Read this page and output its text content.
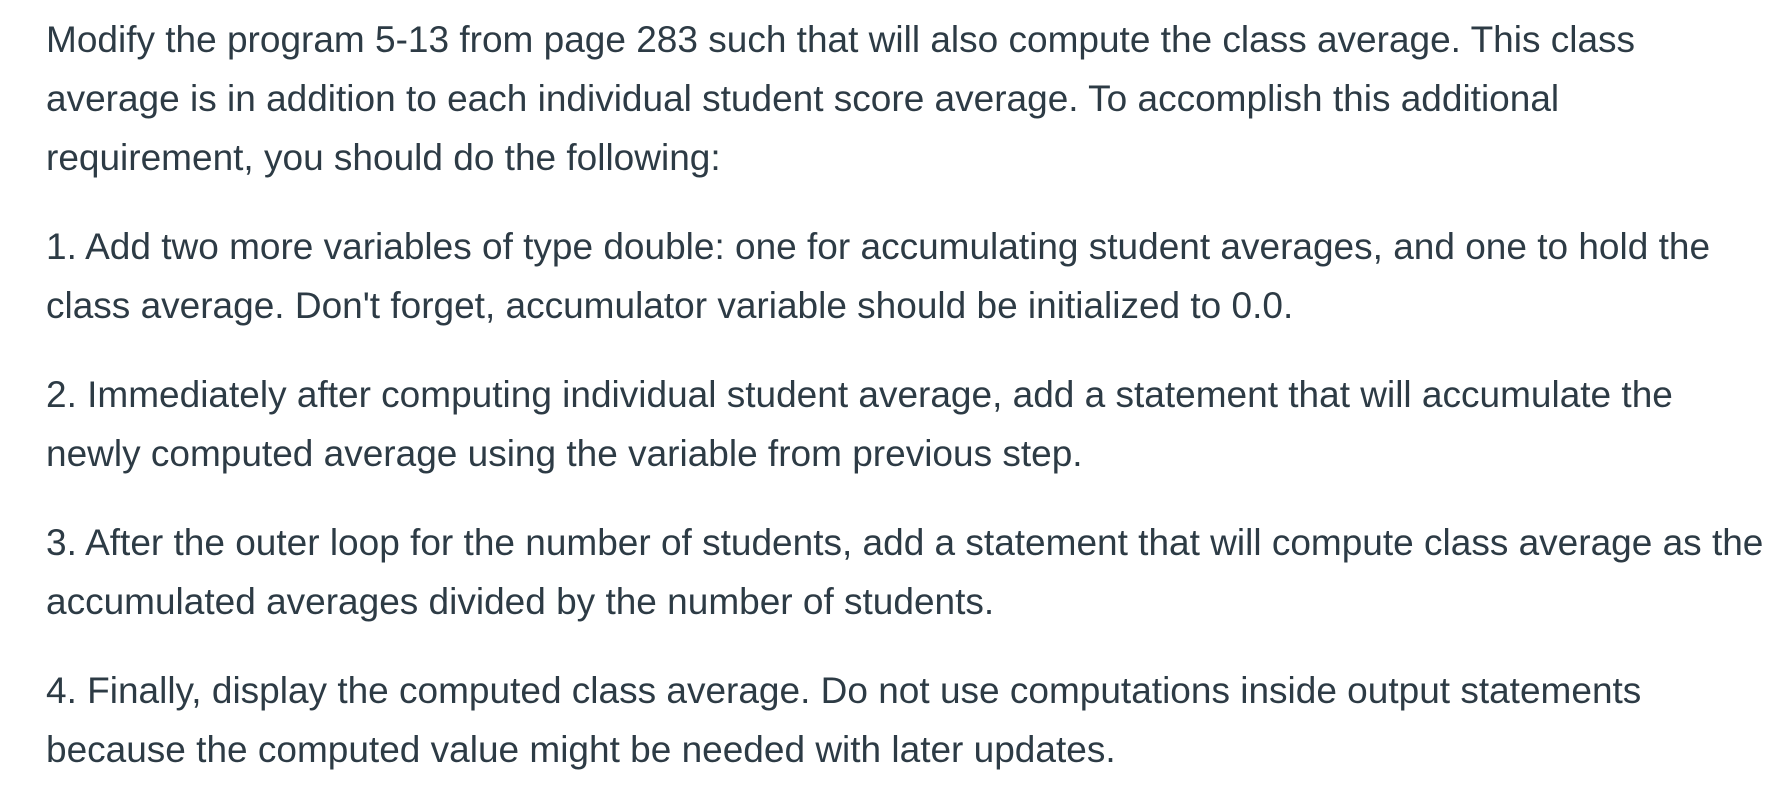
Modify the program 5-13 from page 283 such that will also compute the class average. This class average is in addition to each individual student score average. To accomplish this additional requirement, you should do the following:

1. Add two more variables of type double: one for accumulating student averages, and one to hold the class average. Don't forget, accumulator variable should be initialized to 0.0.

2. Immediately after computing individual student average, add a statement that will accumulate the newly computed average using the variable from previous step.

3. After the outer loop for the number of students, add a statement that will compute class average as the accumulated averages divided by the number of students.

4. Finally, display the computed class average. Do not use computations inside output statements because the computed value might be needed with later updates.
